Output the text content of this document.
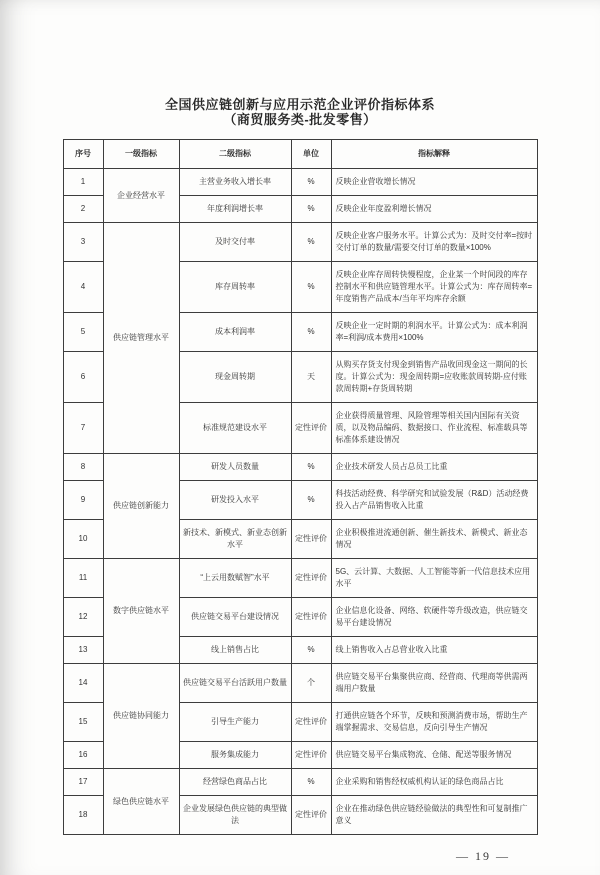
全国供应链创新与应用示范企业评价指标体系
（商贸服务类-批发零售）
序号	一级指标	二级指标	单位	指标解释
1	企业经营水平	主营业务收入增长率	%	反映企业营收增长情况
2		年度利润增长率	%	反映企业年度盈利增长情况
3	供应链管理水平	及时交付率	%	反映企业客户服务水平。计算公式为：及时交付率=按时交付订单的数量/需要交付订单的数量×100%
4		库存周转率	%	反映企业库存周转快慢程度，企业某一个时间段的库存控制水平和供应链管理水平。计算公式为：库存周转率=年度销售产品成本/当年平均库存余额
5		成本利润率	%	反映企业一定时期的利润水平。计算公式为：成本利润率=利润/成本费用×100%
6		现金周转期	天	从购买存货支付现金到销售产品收回现金这一期间的长度。计算公式为：现金周转期=应收账款周转期-应付账款周转期+存货周转期
7		标准规范建设水平	定性评价	企业获得质量管理、风险管理等相关国内国际有关资质，以及物品编码、数据接口、作业流程、标准载具等标准体系建设情况
8	供应链创新能力	研发人员数量	%	企业技术研发人员占总员工比重
9		研发投入水平	%	科技活动经费、科学研究和试验发展（R&D）活动经费投入占产品销售收入比重
10		新技术、新模式、新业态创新水平	定性评价	企业积极推进流通创新、催生新技术、新模式、新业态情况
11	数字供应链水平	“上云用数赋智”水平	定性评价	5G、云计算、大数据、人工智能等新一代信息技术应用水平
12		供应链交易平台建设情况	定性评价	企业信息化设备、网络、软硬件等升级改造，供应链交易平台建设情况
13		线上销售占比	%	线上销售收入占总营业收入比重
14	供应链协同能力	供应链交易平台活跃用户数量	个	供应链交易平台集聚供应商、经营商、代理商等供需两端用户数量
15		引导生产能力	定性评价	打通供应链各个环节，反映和预测消费市场，帮助生产端掌握需求、交易信息，反向引导生产情况
16		服务集成能力	定性评价	供应链交易平台集成物流、仓储、配送等服务情况
17	绿色供应链水平	经营绿色商品占比	%	企业采购和销售经权威机构认证的绿色商品占比
18		企业发展绿色供应链的典型做法	定性评价	企业在推动绿色供应链经验做法的典型性和可复制推广意义
— 19 —
